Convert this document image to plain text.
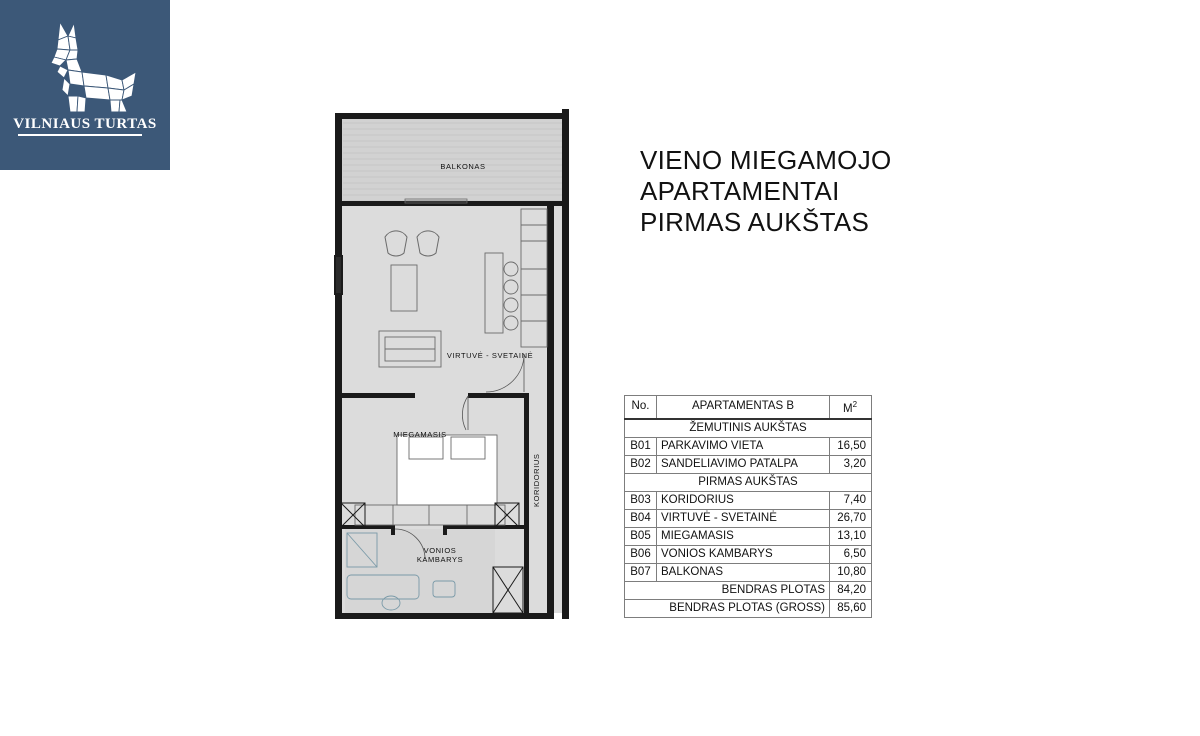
VILNIAUS TURTAS
VIENO MIEGAMOJO
APARTAMENTAI
PIRMAS AUKŠTAS
BALKONAS
VIRTUVĖ - SVETAINĖ
MIEGAMASIS
KORIDORIUS
VONIOS
KAMBARYS
No.	APARTAMENTAS B	$M^2$
ŽEMUTINIS AUKŠTAS		
B01	PARKAVIMO VIETA	16,50
B02	SANDELIAVIMO PATALPA	3,20
PIRMAS AUKŠTAS		
B03	KORIDORIUS	7,40
B04	VIRTUVĖ - SVETAINĖ	26,70
B05	MIEGAMASIS	13,10
B06	VONIOS KAMBARYS	6,50
B07	BALKONAS	10,80
BENDRAS PLOTAS		84,20
BENDRAS PLOTAS (GROSS)		85,60
